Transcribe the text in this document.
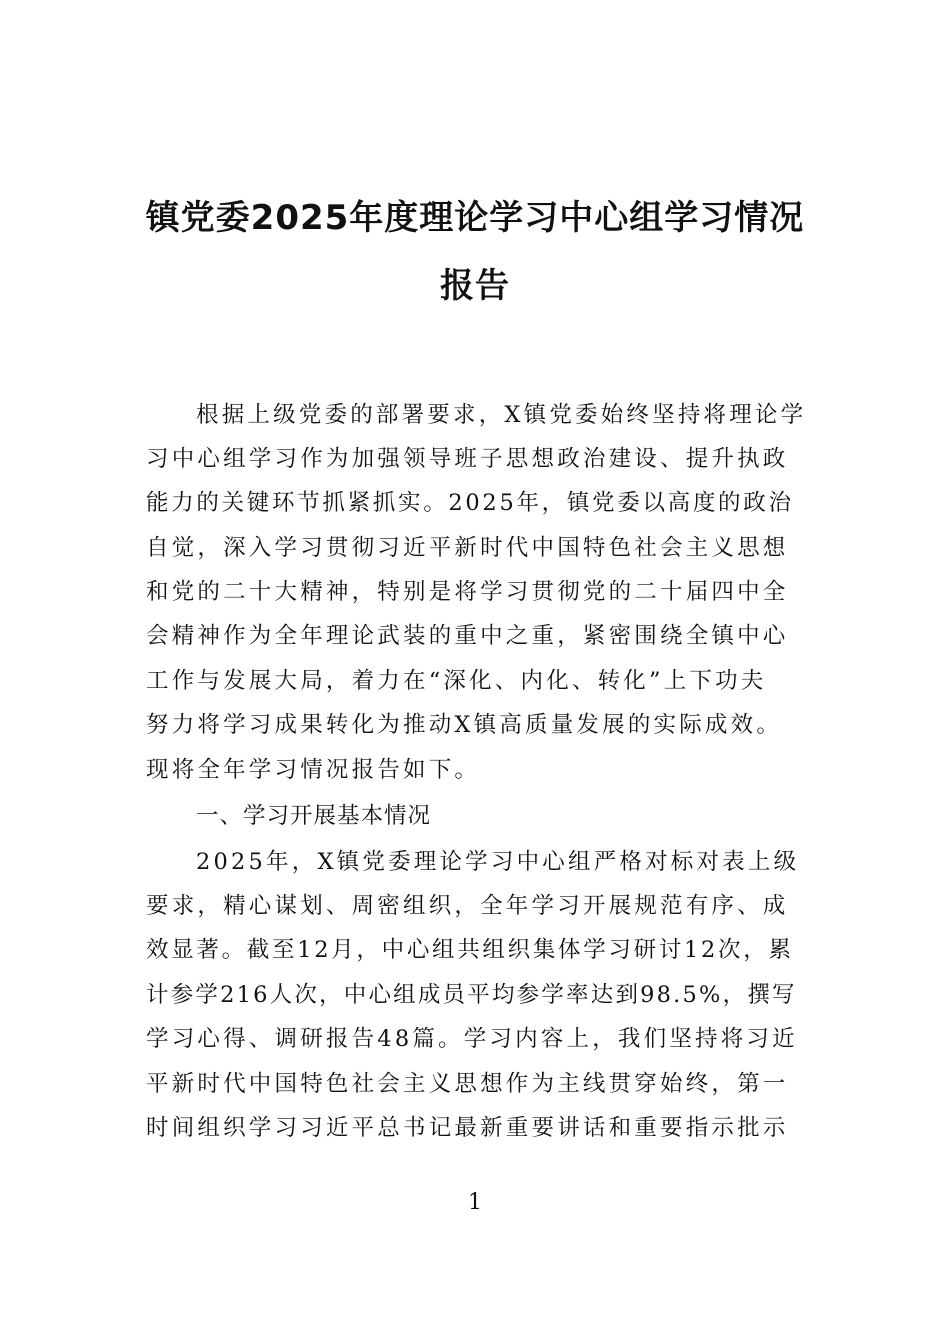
镇党委2025年度理论学习中心组学习情况
报告
根据上级党委的部署要求，X镇党委始终坚持将理论学
习中心组学习作为加强领导班子思想政治建设、提升执政
能力的关键环节抓紧抓实。2025年，镇党委以高度的政治
自觉，深入学习贯彻习近平新时代中国特色社会主义思想
和党的二十大精神，特别是将学习贯彻党的二十届四中全
会精神作为全年理论武装的重中之重，紧密围绕全镇中心
工作与发展大局，着力在“深化、内化、转化”上下功夫
努力将学习成果转化为推动X镇高质量发展的实际成效。
现将全年学习情况报告如下。
一、学习开展基本情况
2025年，X镇党委理论学习中心组严格对标对表上级
要求，精心谋划、周密组织，全年学习开展规范有序、成
效显著。截至12月，中心组共组织集体学习研讨12次，累
计参学216人次，中心组成员平均参学率达到98.5%，撰写
学习心得、调研报告48篇。学习内容上，我们坚持将习近
平新时代中国特色社会主义思想作为主线贯穿始终，第一
时间组织学习习近平总书记最新重要讲话和重要指示批示
1
